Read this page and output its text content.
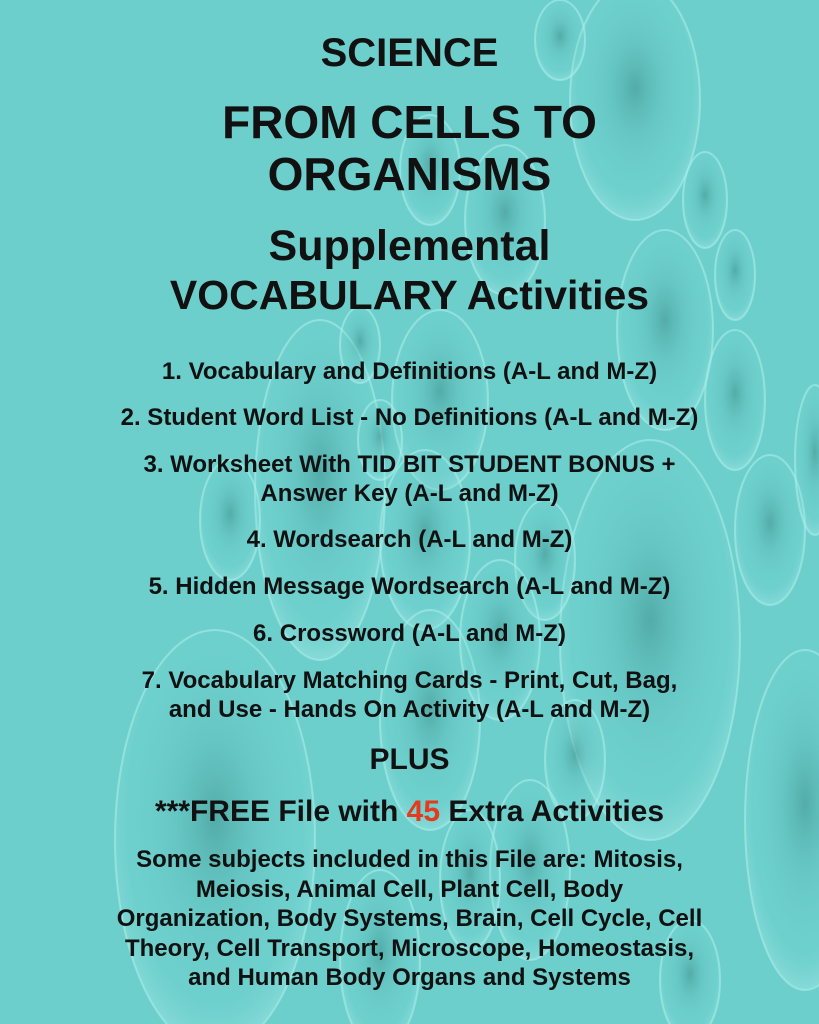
SCIENCE
FROM CELLS TO
ORGANISMS
Supplemental
VOCABULARY Activities
1. Vocabulary and Definitions (A-L and M-Z)
2. Student Word List - No Definitions (A-L and M-Z)
3. Worksheet With TID BIT STUDENT BONUS +
Answer Key (A-L and M-Z)
4. Wordsearch (A-L and M-Z)
5. Hidden Message Wordsearch (A-L and M-Z)
6. Crossword (A-L and M-Z)
7. Vocabulary Matching Cards - Print, Cut, Bag,
and Use - Hands On Activity (A-L and M-Z)
PLUS
***FREE File with 45 Extra Activities
Some subjects included in this File are: Mitosis,
Meiosis, Animal Cell, Plant Cell, Body
Organization, Body Systems, Brain, Cell Cycle, Cell
Theory, Cell Transport, Microscope, Homeostasis,
and Human Body Organs and Systems
